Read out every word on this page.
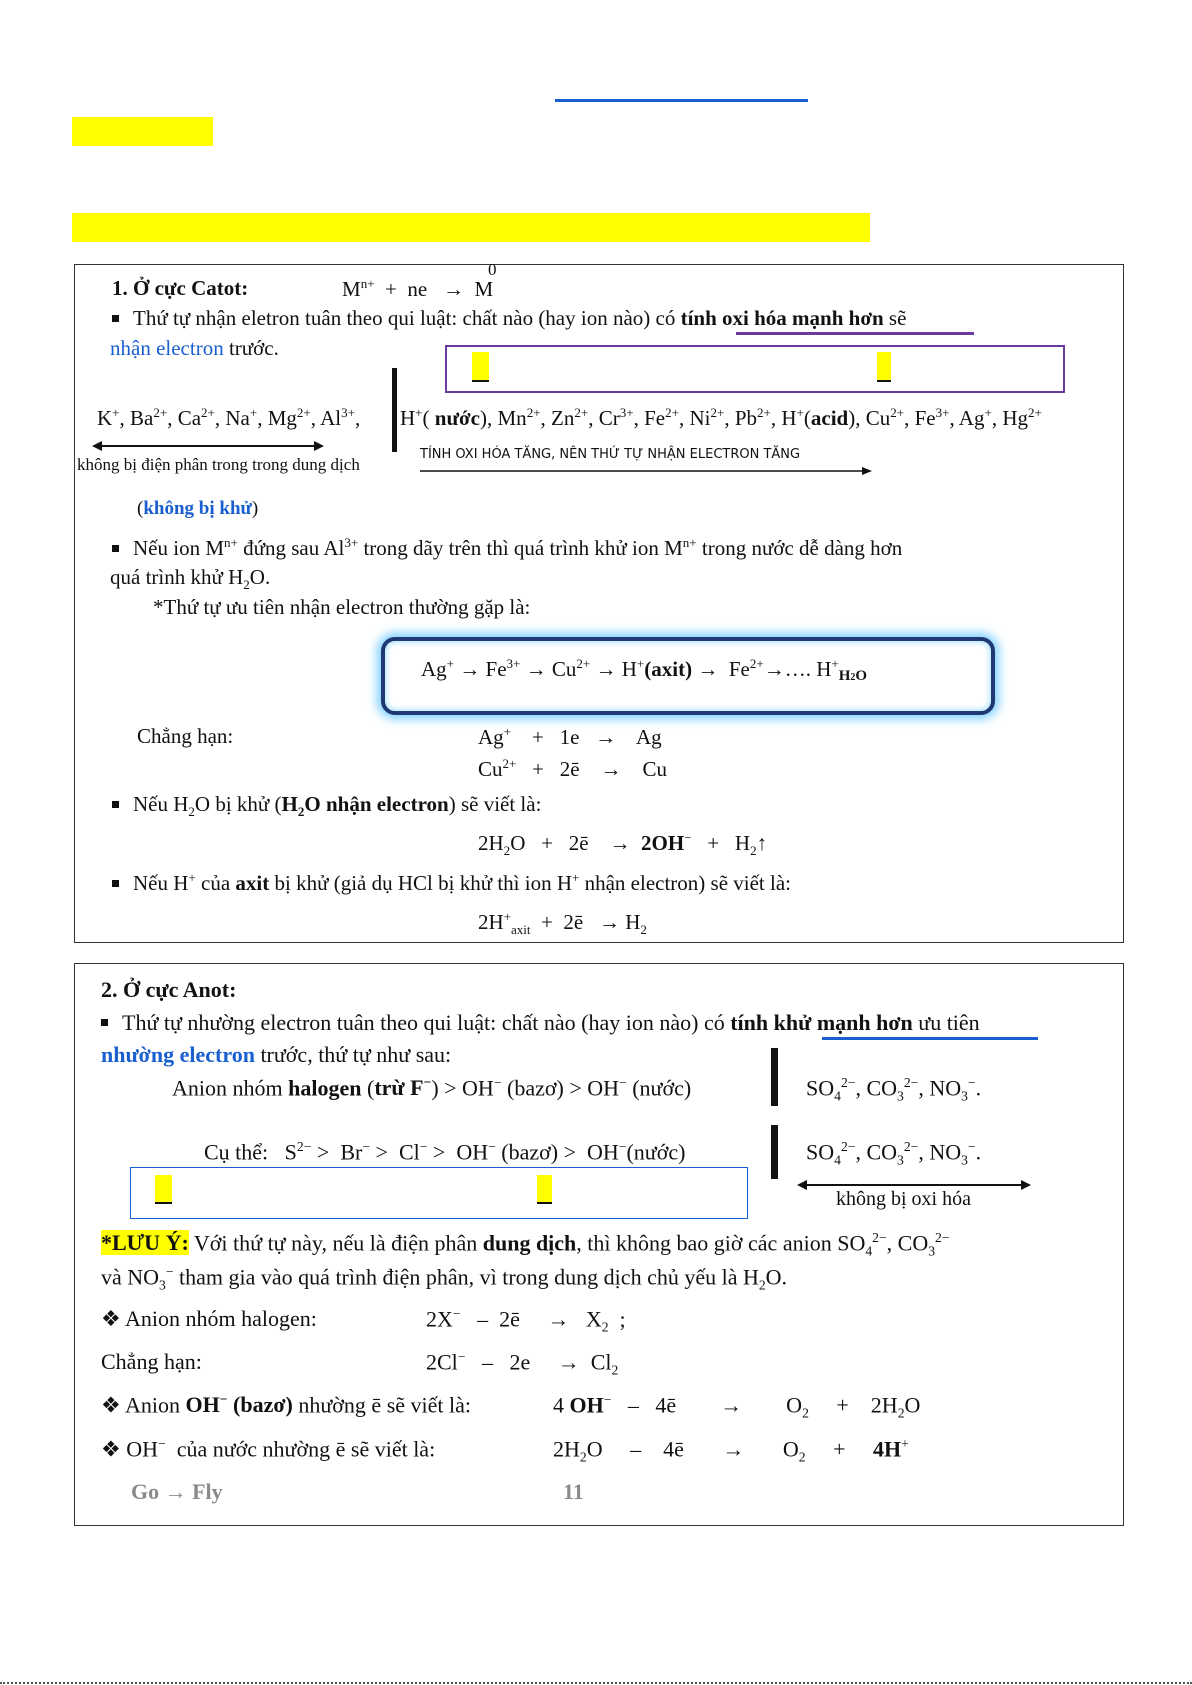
1. Ở cực Catot:	$M^{n+}$  +  ne   →  M
0
Thứ tự nhận eletron tuân theo qui luật: chất nào (hay ion nào) có tính oxi hóa mạnh hơn sẽ
nhận electron trước.
K+, $Ba^{2+}$, $Ca^{2+}$, Na+, $Mg^{2+}$, $Al^{3+}$, H+( nước), $Mn^{2+}$, $Zn^{2+}$, $Cr^{3+}$, $Fe^{2+}$, $Ni^{2+}$, $Pb^{2+}$, H+(acid), $Cu^{2+}$, $Fe^{3+}$, Ag+, $Hg^{2+}$
không bị điện phân trong trong dung dịch
TÍNH OXI HÓA TĂNG, NÊN THỨ TỰ NHẬN ELECTRON TĂNG
(không bị khử)
Nếu ion $M^{n+}$ đứng sau $Al^{3+}$ trong dãy trên thì quá trình khử ion $M^{n+}$ trong nước dễ dàng hơn
quá trình khử $H_2O$.
*Thứ tự ưu tiên nhận electron thường gặp là:
$Ag^+ \to Fe^{3+} \to Cu^{2+}$ → H+(axit) →  $Fe^{2+}\to\dots$. H+H2O
Chẳng hạn:	Ag+    +   1e   →    Ag
$Cu^{2+}$   +   2ē    →    Cu
Nếu $H_2O$ bị khử ($H_2O$ nhận electron) sẽ viết là:
$2H_2O$   +   2ē    →  $2OH^- + H_2↑$
Nếu H+ của axit bị khử (giả dụ HCl bị khử thì ion H+ nhận electron) sẽ viết là:
$2H^+_{axit}$  +  2ē   → $H_2$
2. Ở cực Anot:
Thứ tự nhường electron tuân theo qui luật: chất nào (hay ion nào) có tính khử mạnh hơn ưu tiên
nhường electron trước, thứ tự như sau:
Anion nhóm halogen (trừ F−) > OH− (bazơ) > OH− (nước)	$SO_4^{2-}$, $CO_3^{2-}$, $NO_3^-$.
Cụ thể: $S^{2-} > Br^- > Cl^- > OH^-$ (bazơ) >  OH−(nước)	$SO_4^{2-}$, $CO_3^{2-}$, $NO_3^-$.
không bị oxi hóa
*LƯU Ý: Với thứ tự này, nếu là điện phân dung dịch, thì không bao giờ các anion $SO_4^{2-}$, $CO_3^{2-}$
và $NO_3^-$ tham gia vào quá trình điện phân, vì trong dung dịch chủ yếu là $H_2O$.
❖ Anion nhóm halogen:	2X−   –  2ē     →   $X_2$  ;
Chẳng hạn:	2Cl−   –   2e     →  $Cl_2$
❖ Anion OH− (bazơ) nhường ē sẽ viết là:	4 OH−   –   4ē        →        $O_2$     +    $2H_2O$
❖ OH−  của nước nhường ē sẽ viết là:	$2H_2O$     –    4ē       →       $O_2$     +     4H+
Go → Fly	11
